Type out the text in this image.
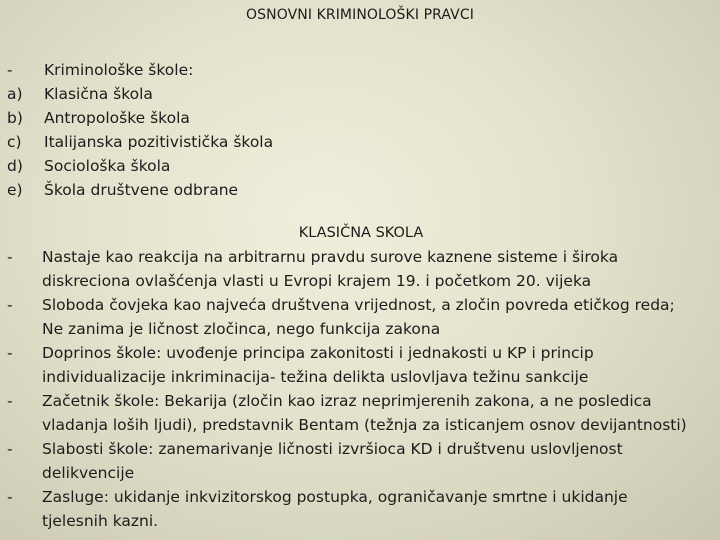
OSNOVNI KRIMINOLOŠKI PRAVCI
-	Kriminološke škole:
a)	Klasična škola
b)	Antropološke škola
c)	Italijanska pozitivistička škola
d)	Sociološka škola
e)	Škola društvene odbrane
KLASIČNA SKOLA
- Nastaje kao reakcija na arbitrarnu pravdu surove kaznene sisteme i široka
diskreciona ovlašćenja vlasti u Evropi krajem 19. i početkom 20. vijeka
- Sloboda čovjeka kao najveća društvena vrijednost, a zločin povreda etičkog reda;
Ne zanima je ličnost zločinca, nego funkcija zakona
- Doprinos škole: uvođenje principa zakonitosti i jednakosti u KP i princip
individualizacije inkriminacija- težina delikta uslovljava težinu sankcije
- Začetnik škole: Bekarija (zločin kao izraz neprimjerenih zakona, a ne posledica
vladanja loših ljudi), predstavnik Bentam (težnja za isticanjem osnov devijantnosti)
- Slabosti škole: zanemarivanje ličnosti izvršioca KD i društvenu uslovljenost
delikvencije
- Zasluge: ukidanje inkvizitorskog postupka, ograničavanje smrtne i ukidanje
tjelesnih kazni.
